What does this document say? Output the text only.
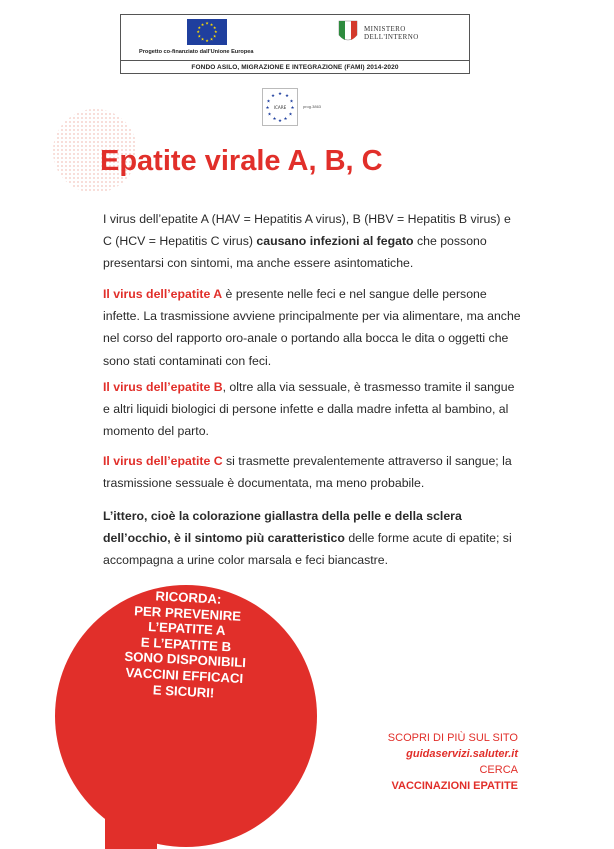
★ ★
★
★
★
★
★
★
★
★
★
★
Progetto co-finanziato dall'Unione Europea
MINISTERO
DELL'INTERNO
FONDO ASILO, MIGRAZIONE E INTEGRAZIONE (FAMI) 2014-2020
★ ★
★
★
★
★
★
★
★
★
★
★
ICARE	prog.3863
Epatite virale A, B, C

I virus dell’epatite A (HAV = Hepatitis A virus), B (HBV = Hepatitis B virus) e C (HCV = Hepatitis C virus) causano infezioni al fegato che possono presentarsi con sintomi, ma anche essere asintomatiche.

Il virus dell’epatite A è presente nelle feci e nel sangue delle persone infette. La trasmissione avviene principalmente per via alimentare, ma anche nel corso del rapporto oro-anale o portando alla bocca le dita o oggetti che sono stati contaminati con feci.

Il virus dell’epatite B, oltre alla via sessuale, è trasmesso tramite il sangue e altri liquidi biologici di persone infette e dalla madre infetta al bambino, al momento del parto.

Il virus dell’epatite C si trasmette prevalentemente attraverso il sangue; la trasmissione sessuale è documentata, ma meno probabile.

L’ittero, cioè la colorazione giallastra della pelle e della sclera dell’occhio, è il sintomo più caratteristico delle forme acute di epatite; si accompagna a urine color marsala e feci biancastre.

RICORDA:
PER PREVENIRE
L’EPATITE A
E L’EPATITE B
SONO DISPONIBILI
VACCINI EFFICACI
E SICURI!
SCOPRI DI PIÙ SUL SITO
guidaservizi.saluter.it
CERCA
VACCINAZIONI EPATITE
